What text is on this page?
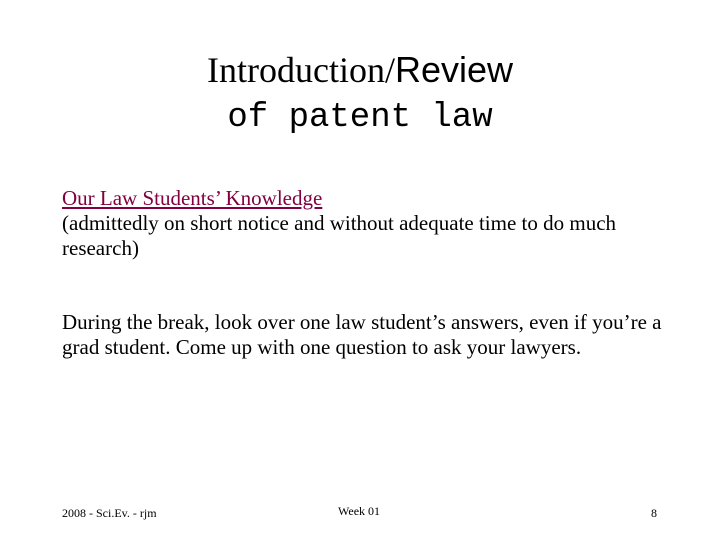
Introduction/Review
of patent law
Our Law Students’ Knowledge
(admittedly on short notice and without adequate time to do much research)
During the break, look over one law student’s answers, even if you’re a grad student. Come up with one question to ask your lawyers.
2008 - Sci.Ev. - rjm	Week 01	8
